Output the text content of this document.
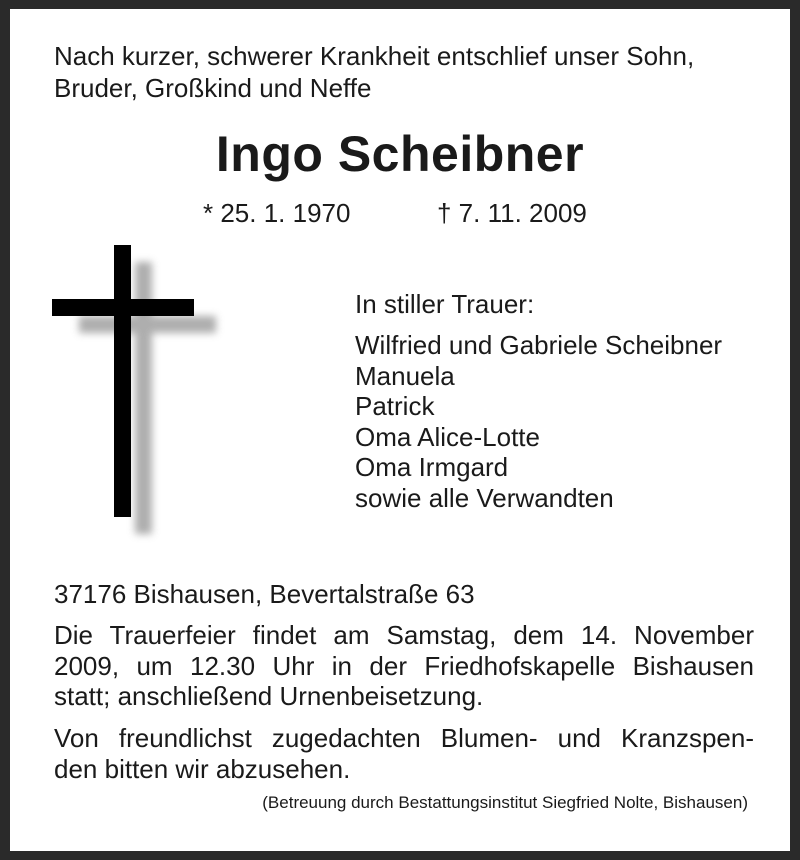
Nach kurzer, schwerer Krankheit entschlief unser Sohn,
Bruder, Großkind und Neffe

Ingo Scheibner
* 25. 1. 1970	† 7. 11. 2009
In stiller Trauer:
Wilfried und Gabriele Scheibner
Manuela
Patrick
Oma Alice-Lotte
Oma Irmgard
sowie alle Verwandten
37176 Bishausen, Bevertalstraße 63

Die Trauerfeier findet am Samstag, dem 14. November
2009, um 12.30 Uhr in der Friedhofskapelle Bishausen
statt; anschließend Urnenbeisetzung.

Von freundlichst zugedachten Blumen- und Kranzspen-
den bitten wir abzusehen.

(Betreuung durch Bestattungsinstitut Siegfried Nolte, Bishausen)
